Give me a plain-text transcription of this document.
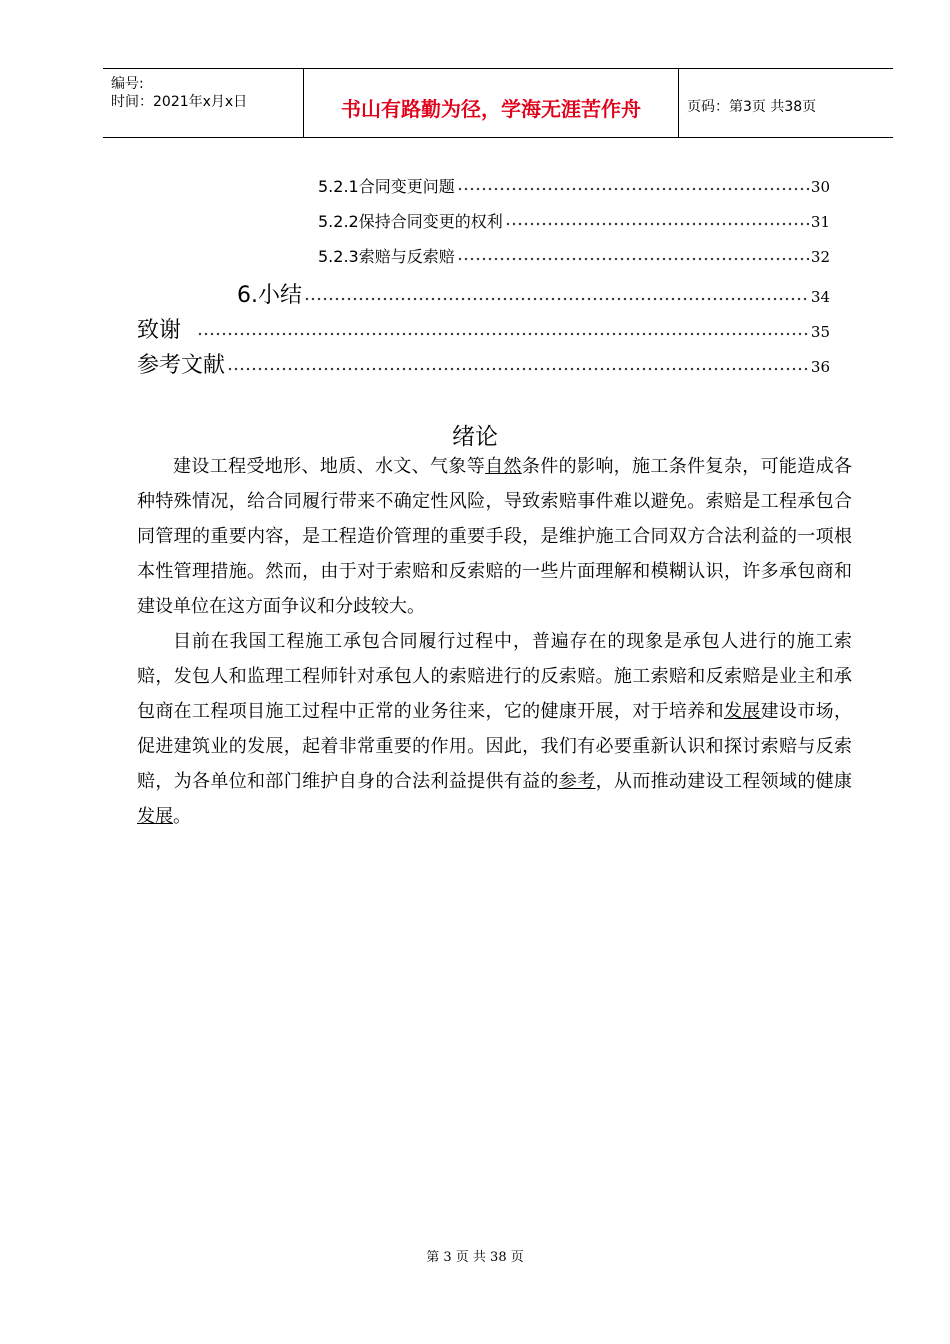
编号:
时间：2021年x月x日	书山有路勤为径，学海无涯苦作舟	页码：第3页 共38页
5.2.1合同变更问题	30
5.2.2保持合同变更的权利	31
5.2.3索赔与反索赔	32
6.小结	34
致谢	35
参考文献	36
绪论

建设工程受地形、地质、水文、气象等自然条件的影响，施工条件复杂，可能造成各种特殊情况，给合同履行带来不确定性风险，导致索赔事件难以避免。索赔是工程承包合同管理的重要内容，是工程造价管理的重要手段，是维护施工合同双方合法利益的一项根本性管理措施。然而，由于对于索赔和反索赔的一些片面理解和模糊认识，许多承包商和建设单位在这方面争议和分歧较大。

目前在我国工程施工承包合同履行过程中，普遍存在的现象是承包人进行的施工索赔，发包人和监理工程师针对承包人的索赔进行的反索赔。施工索赔和反索赔是业主和承包商在工程项目施工过程中正常的业务往来，它的健康开展，对于培养和发展建设市场，促进建筑业的发展，起着非常重要的作用。因此，我们有必要重新认识和探讨索赔与反索赔，为各单位和部门维护自身的合法利益提供有益的参考，从而推动建设工程领域的健康发展。

第 3 页 共 38 页
